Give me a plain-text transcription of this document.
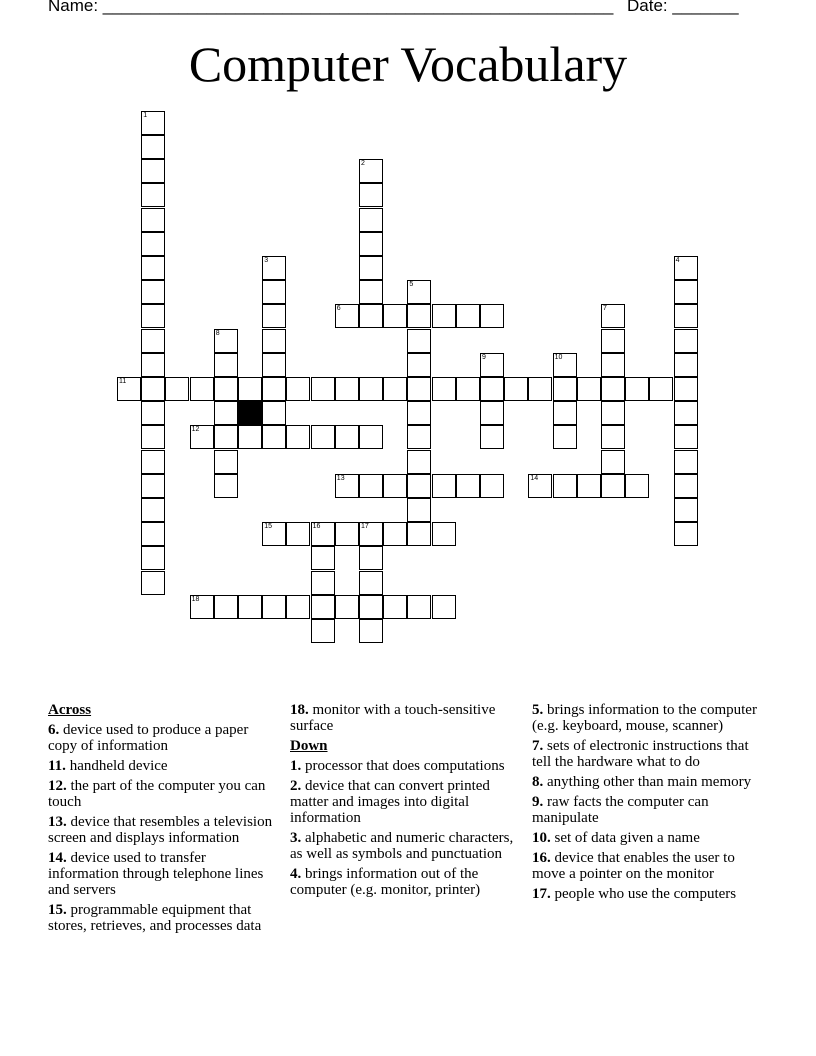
Name: ______________________________________________________ Date: _______
Computer Vocabulary
1
2
3	4
5
6	7
8
9	10
11
12
13	14
15	16	17
18
Across
6. device used to produce a paper copy of information
11. handheld device
12. the part of the computer you can touch
13. device that resembles a television screen and displays information
14. device used to transfer information through telephone lines and servers
15. programmable equipment that stores, retrieves, and processes data
18. monitor with a touch-sensitive surface
Down
1. processor that does computations
2. device that can convert printed matter and images into digital information
3. alphabetic and numeric characters, as well as symbols and punctuation
4. brings information out of the computer (e.g. monitor, printer)
5. brings information to the computer (e.g. keyboard, mouse, scanner)
7. sets of electronic instructions that tell the hardware what to do
8. anything other than main memory
9. raw facts the computer can manipulate
10. set of data given a name
16. device that enables the user to move a pointer on the monitor
17. people who use the computers
